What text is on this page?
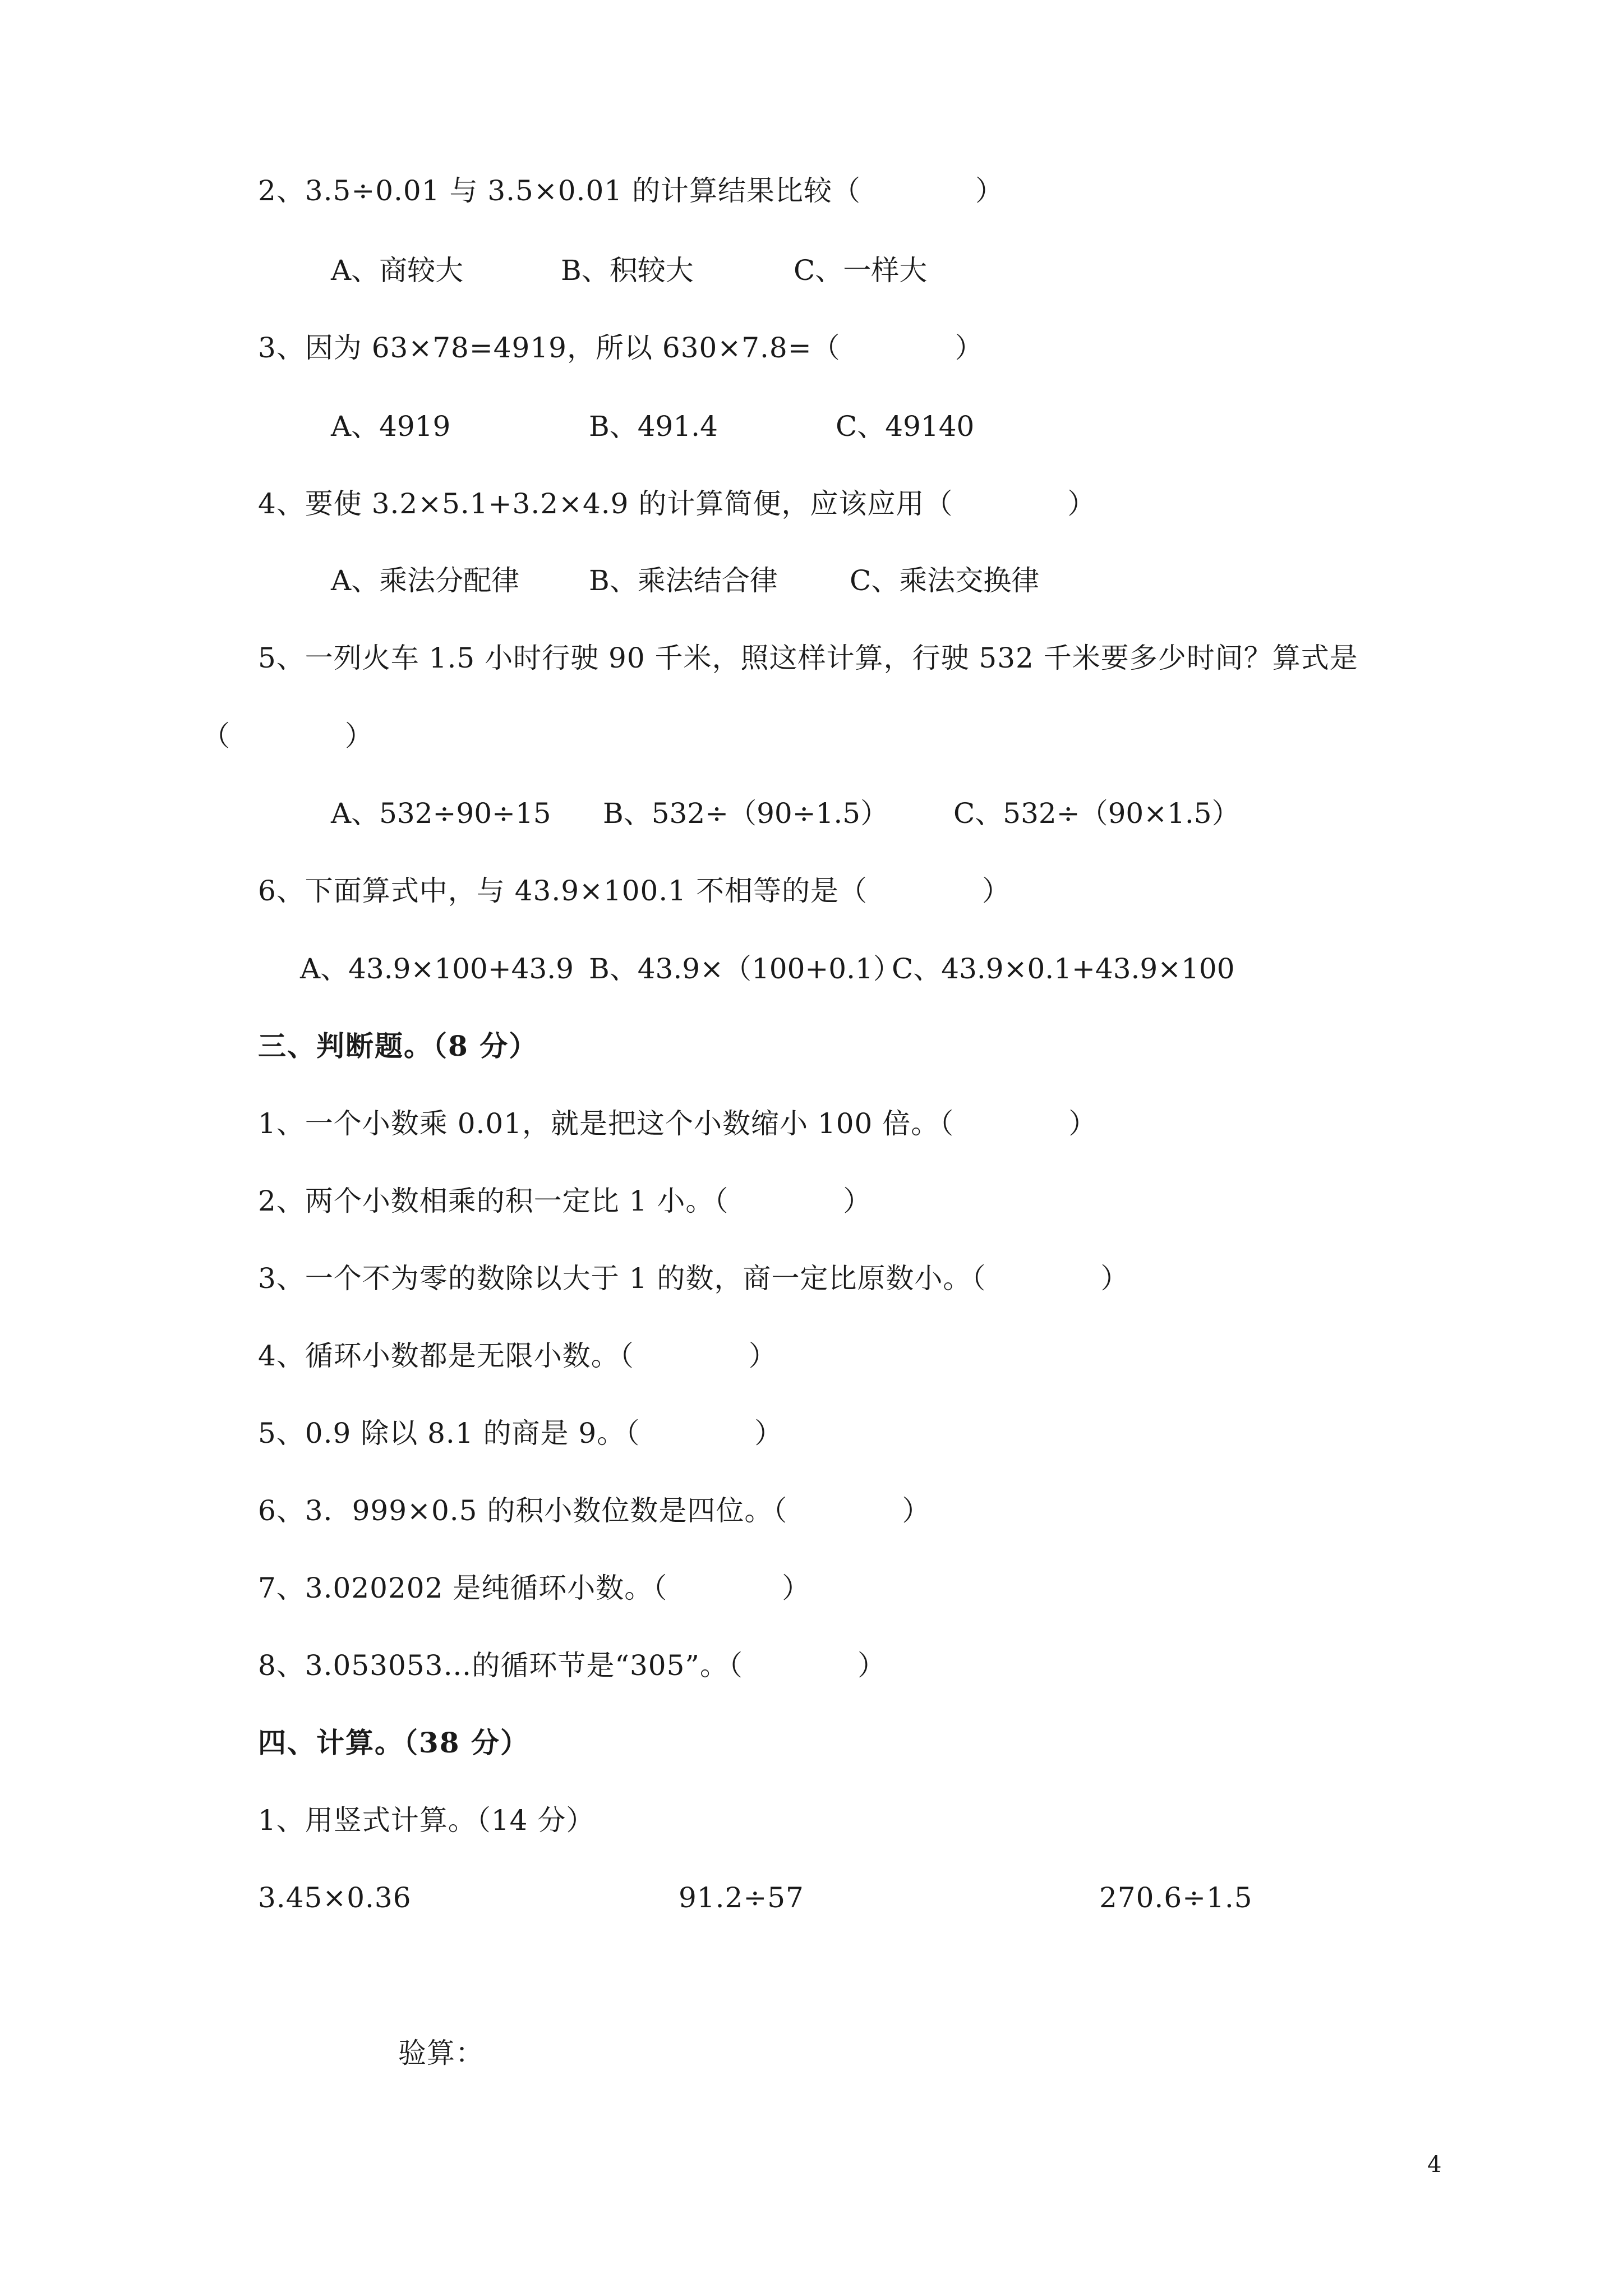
2、3.5÷0.01 与 3.5×0.01 的计算结果比较（　　　　）
A、商较大	B、积较大	C、一样大
3、因为 63×78=4919，所以 630×7.8=（　　　　）
A、4919	B、491.4	C、49140
4、要使 3.2×5.1+3.2×4.9 的计算简便，应该应用（　　　　）
A、乘法分配律 B、乘法结合律	C、乘法交换律
5、一列火车 1.5 小时行驶 90 千米，照这样计算，行驶 532 千米要多少时间？算式是
（　　　　）
A、532÷90÷15 B、532÷（90÷1.5） C、532÷（90×1.5）
6、下面算式中，与 43.9×100.1 不相等的是（　　　　）
A、43.9×100+43.9 B、43.9×（100+0.1）
C、43.9×0.1+43.9×100
三、判断题。（8 分）
1、一个小数乘 0.01，就是把这个小数缩小 100 倍。（　　　　）
2、两个小数相乘的积一定比 1 小。（　　　　）
3、一个不为零的数除以大于 1 的数，商一定比原数小。（　　　　）
4、循环小数都是无限小数。（　　　　）
5、0.9 除以 8.1 的商是 9。（　　　　）
6、3．999×0.5 的积小数位数是四位。（　　　　）
7、3.020202 是纯循环小数。（　　　　）
8、3.053053…的循环节是“305”。（　　　　）
四、计算。（38 分）
1、用竖式计算。（14 分）
3.45×0.36	91.2÷57	270.6÷1.5
验算：
4
